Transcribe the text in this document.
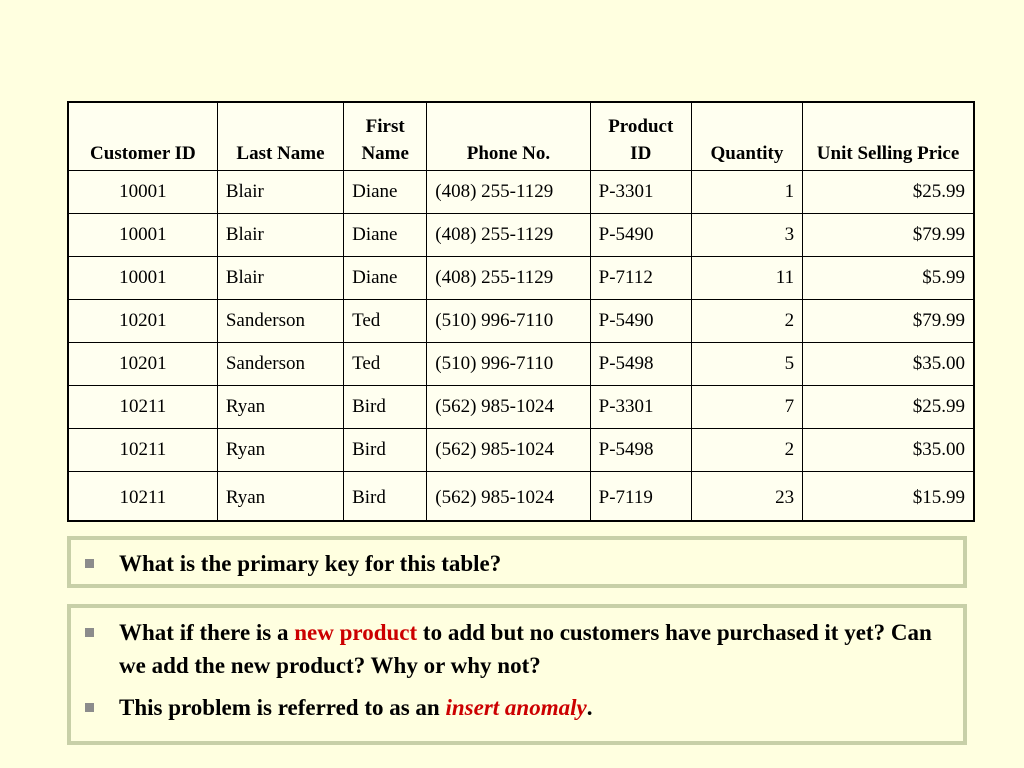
Customer ID	Last Name	First Name	Phone No.	Product ID	Quantity	Unit Selling Price
10001	Blair	Diane	(408) 255-1129	P-3301	1	$25.99
10001	Blair	Diane	(408) 255-1129	P-5490	3	$79.99
10001	Blair	Diane	(408) 255-1129	P-7112	11	$5.99
10201	Sanderson	Ted	(510) 996-7110	P-5490	2	$79.99
10201	Sanderson	Ted	(510) 996-7110	P-5498	5	$35.00
10211	Ryan	Bird	(562) 985-1024	P-3301	7	$25.99
10211	Ryan	Bird	(562) 985-1024	P-5498	2	$35.00
10211	Ryan	Bird	(562) 985-1024	P-7119	23	$15.99
What is the primary key for this table?
What if there is a new product to add but no customers have purchased it yet? Can we add the new product? Why or why not?
This problem is referred to as an insert anomaly.
